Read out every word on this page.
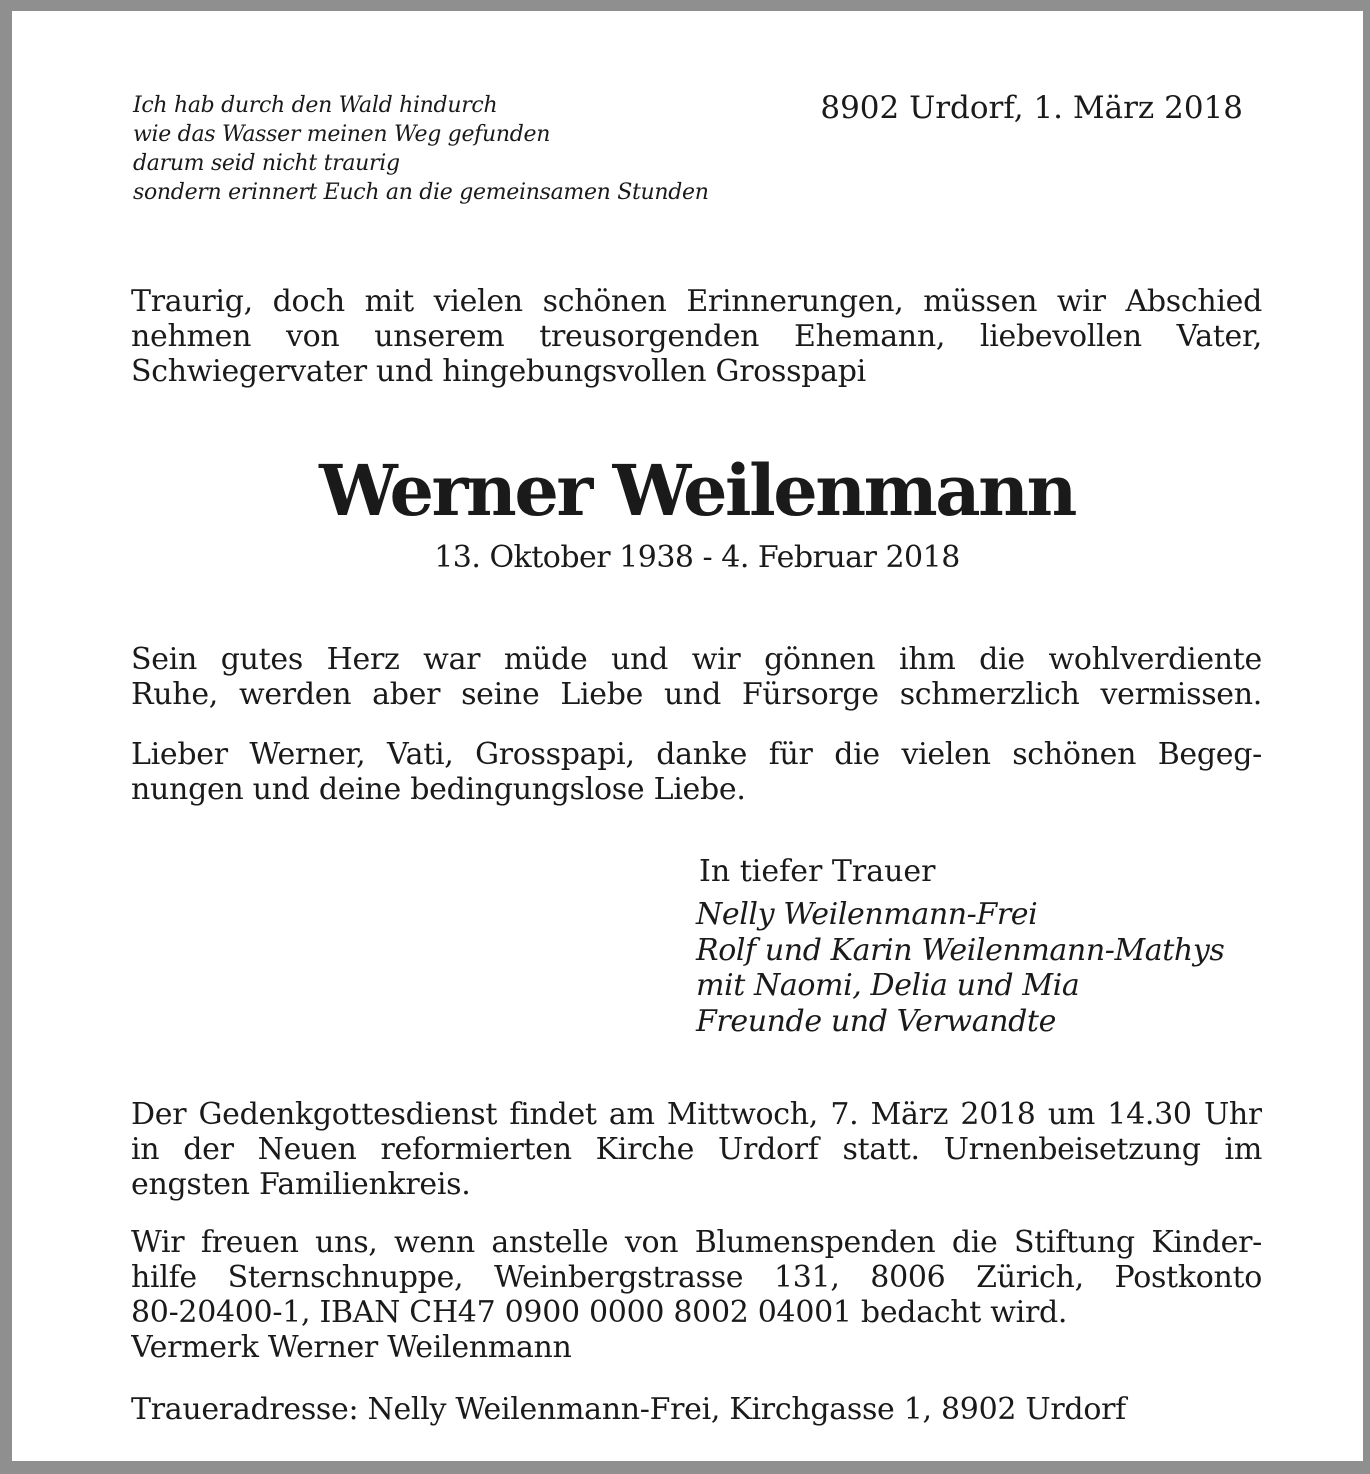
Ich hab durch den Wald hindurch
wie das Wasser meinen Weg gefunden
darum seid nicht traurig
sondern erinnert Euch an die gemeinsamen Stunden
8902 Urdorf, 1. März 2018
Traurig, doch mit vielen schönen Erinnerungen, müssen wir Abschied
nehmen von unserem treusorgenden Ehemann, liebevollen Vater,
Schwiegervater und hingebungsvollen Grosspapi
Werner Weilenmann
13. Oktober 1938 - 4. Februar 2018
Sein gutes Herz war müde und wir gönnen ihm die wohlverdiente
Ruhe, werden aber seine Liebe und Fürsorge schmerzlich vermissen.
Lieber Werner, Vati, Grosspapi, danke für die vielen schönen Begeg-
nungen und deine bedingungslose Liebe.
In tiefer Trauer
Nelly Weilenmann-Frei
Rolf und Karin Weilenmann-Mathys
mit Naomi, Delia und Mia
Freunde und Verwandte
Der Gedenkgottesdienst findet am Mittwoch, 7. März 2018 um 14.30 Uhr
in der Neuen reformierten Kirche Urdorf statt. Urnenbeisetzung im
engsten Familienkreis.
Wir freuen uns, wenn anstelle von Blumenspenden die Stiftung Kinder-
hilfe Sternschnuppe, Weinbergstrasse 131, 8006 Zürich, Postkonto
80-20400-1, IBAN CH47 0900 0000 8002 04001 bedacht wird.
Vermerk Werner Weilenmann
Traueradresse: Nelly Weilenmann-Frei, Kirchgasse 1, 8902 Urdorf
